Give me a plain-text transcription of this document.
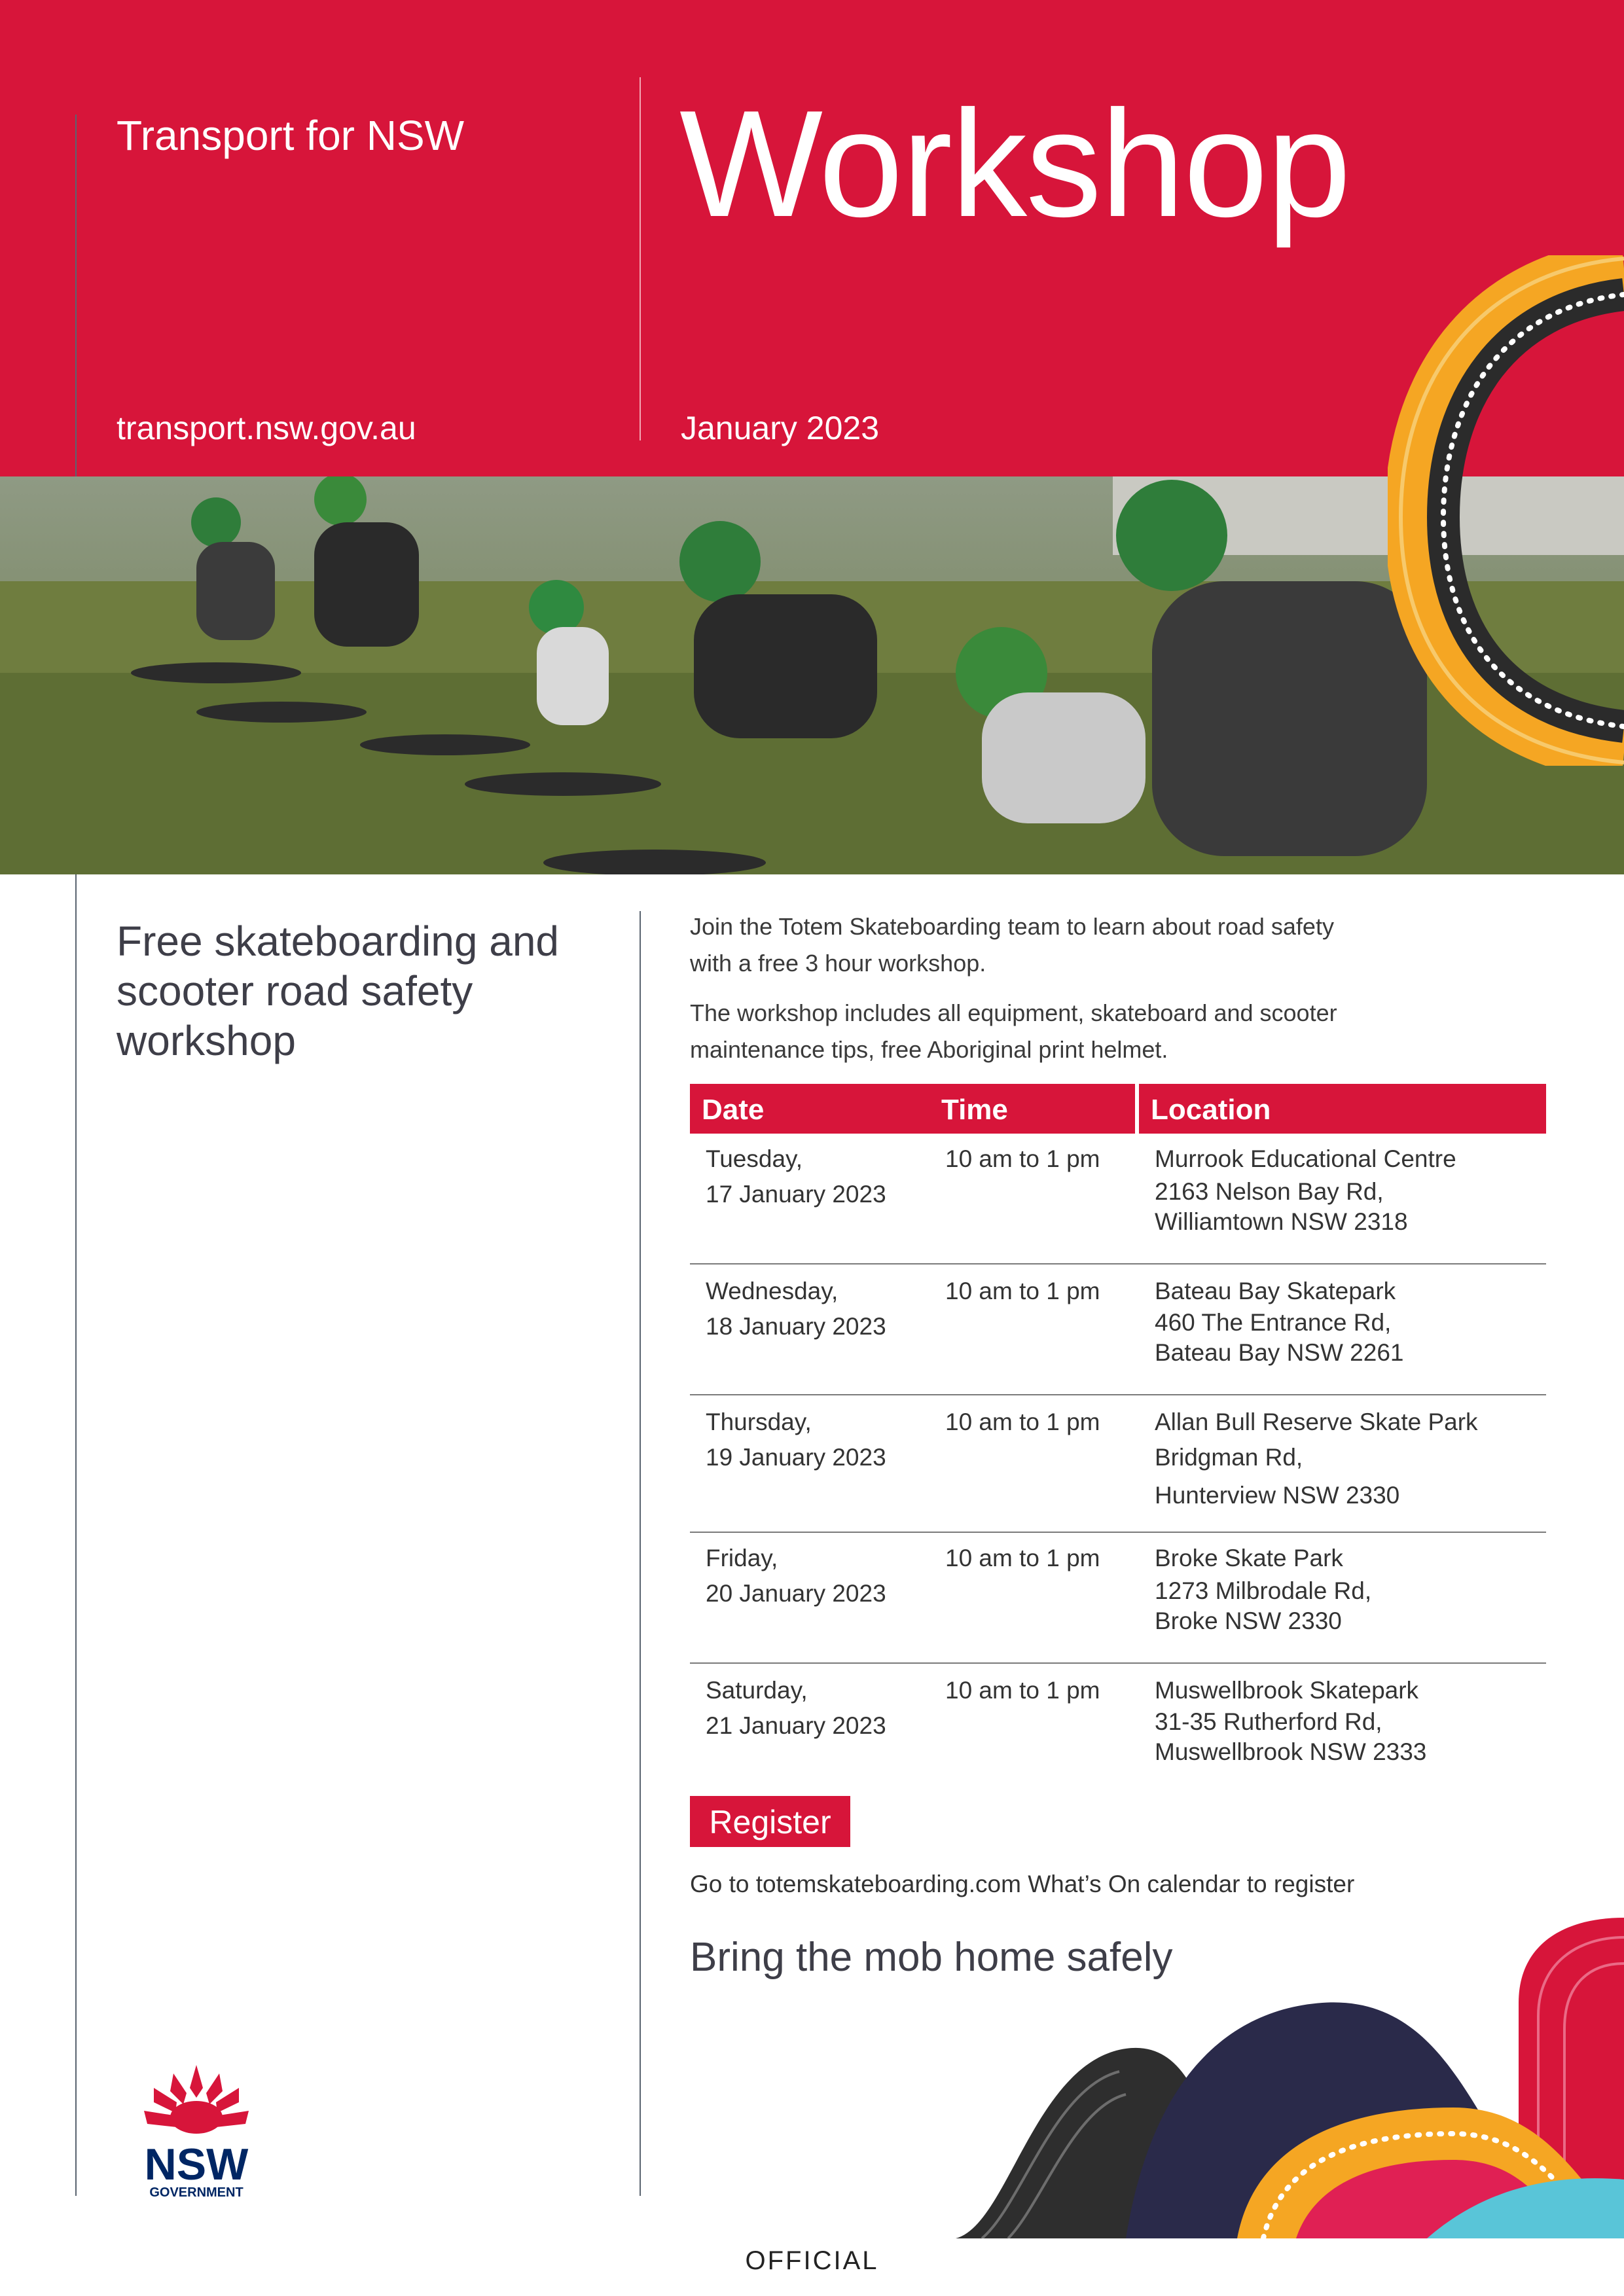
Transport for NSW
transport.nsw.gov.au
Workshop
January 2023
Free skateboarding and scooter road safety workshop
Join the Totem Skateboarding team to learn about road safety with a free 3 hour workshop.
The workshop includes all equipment, skateboard and scooter maintenance tips, free Aboriginal print helmet.
Date	Time	Location
Tuesday,
17 January 2023
10 am to 1 pm Murrook Educational Centre
2163 Nelson Bay Rd,
Williamtown NSW 2318
Wednesday,
18 January 2023
10 am to 1 pm Bateau Bay Skatepark
460 The Entrance Rd,
Bateau Bay NSW 2261
Thursday,
19 January 2023
10 am to 1 pm Allan Bull Reserve Skate Park
Bridgman Rd,
Hunterview NSW 2330
Friday,
20 January 2023
10 am to 1 pm Broke Skate Park
1273 Milbrodale Rd,
Broke NSW 2330
Saturday,
21 January 2023
10 am to 1 pm Muswellbrook Skatepark
31-35 Rutherford Rd,
Muswellbrook NSW 2333
Register
Go to totemskateboarding.com What’s On calendar to register
Bring the mob home safely
NSW
GOVERNMENT
OFFICIAL
